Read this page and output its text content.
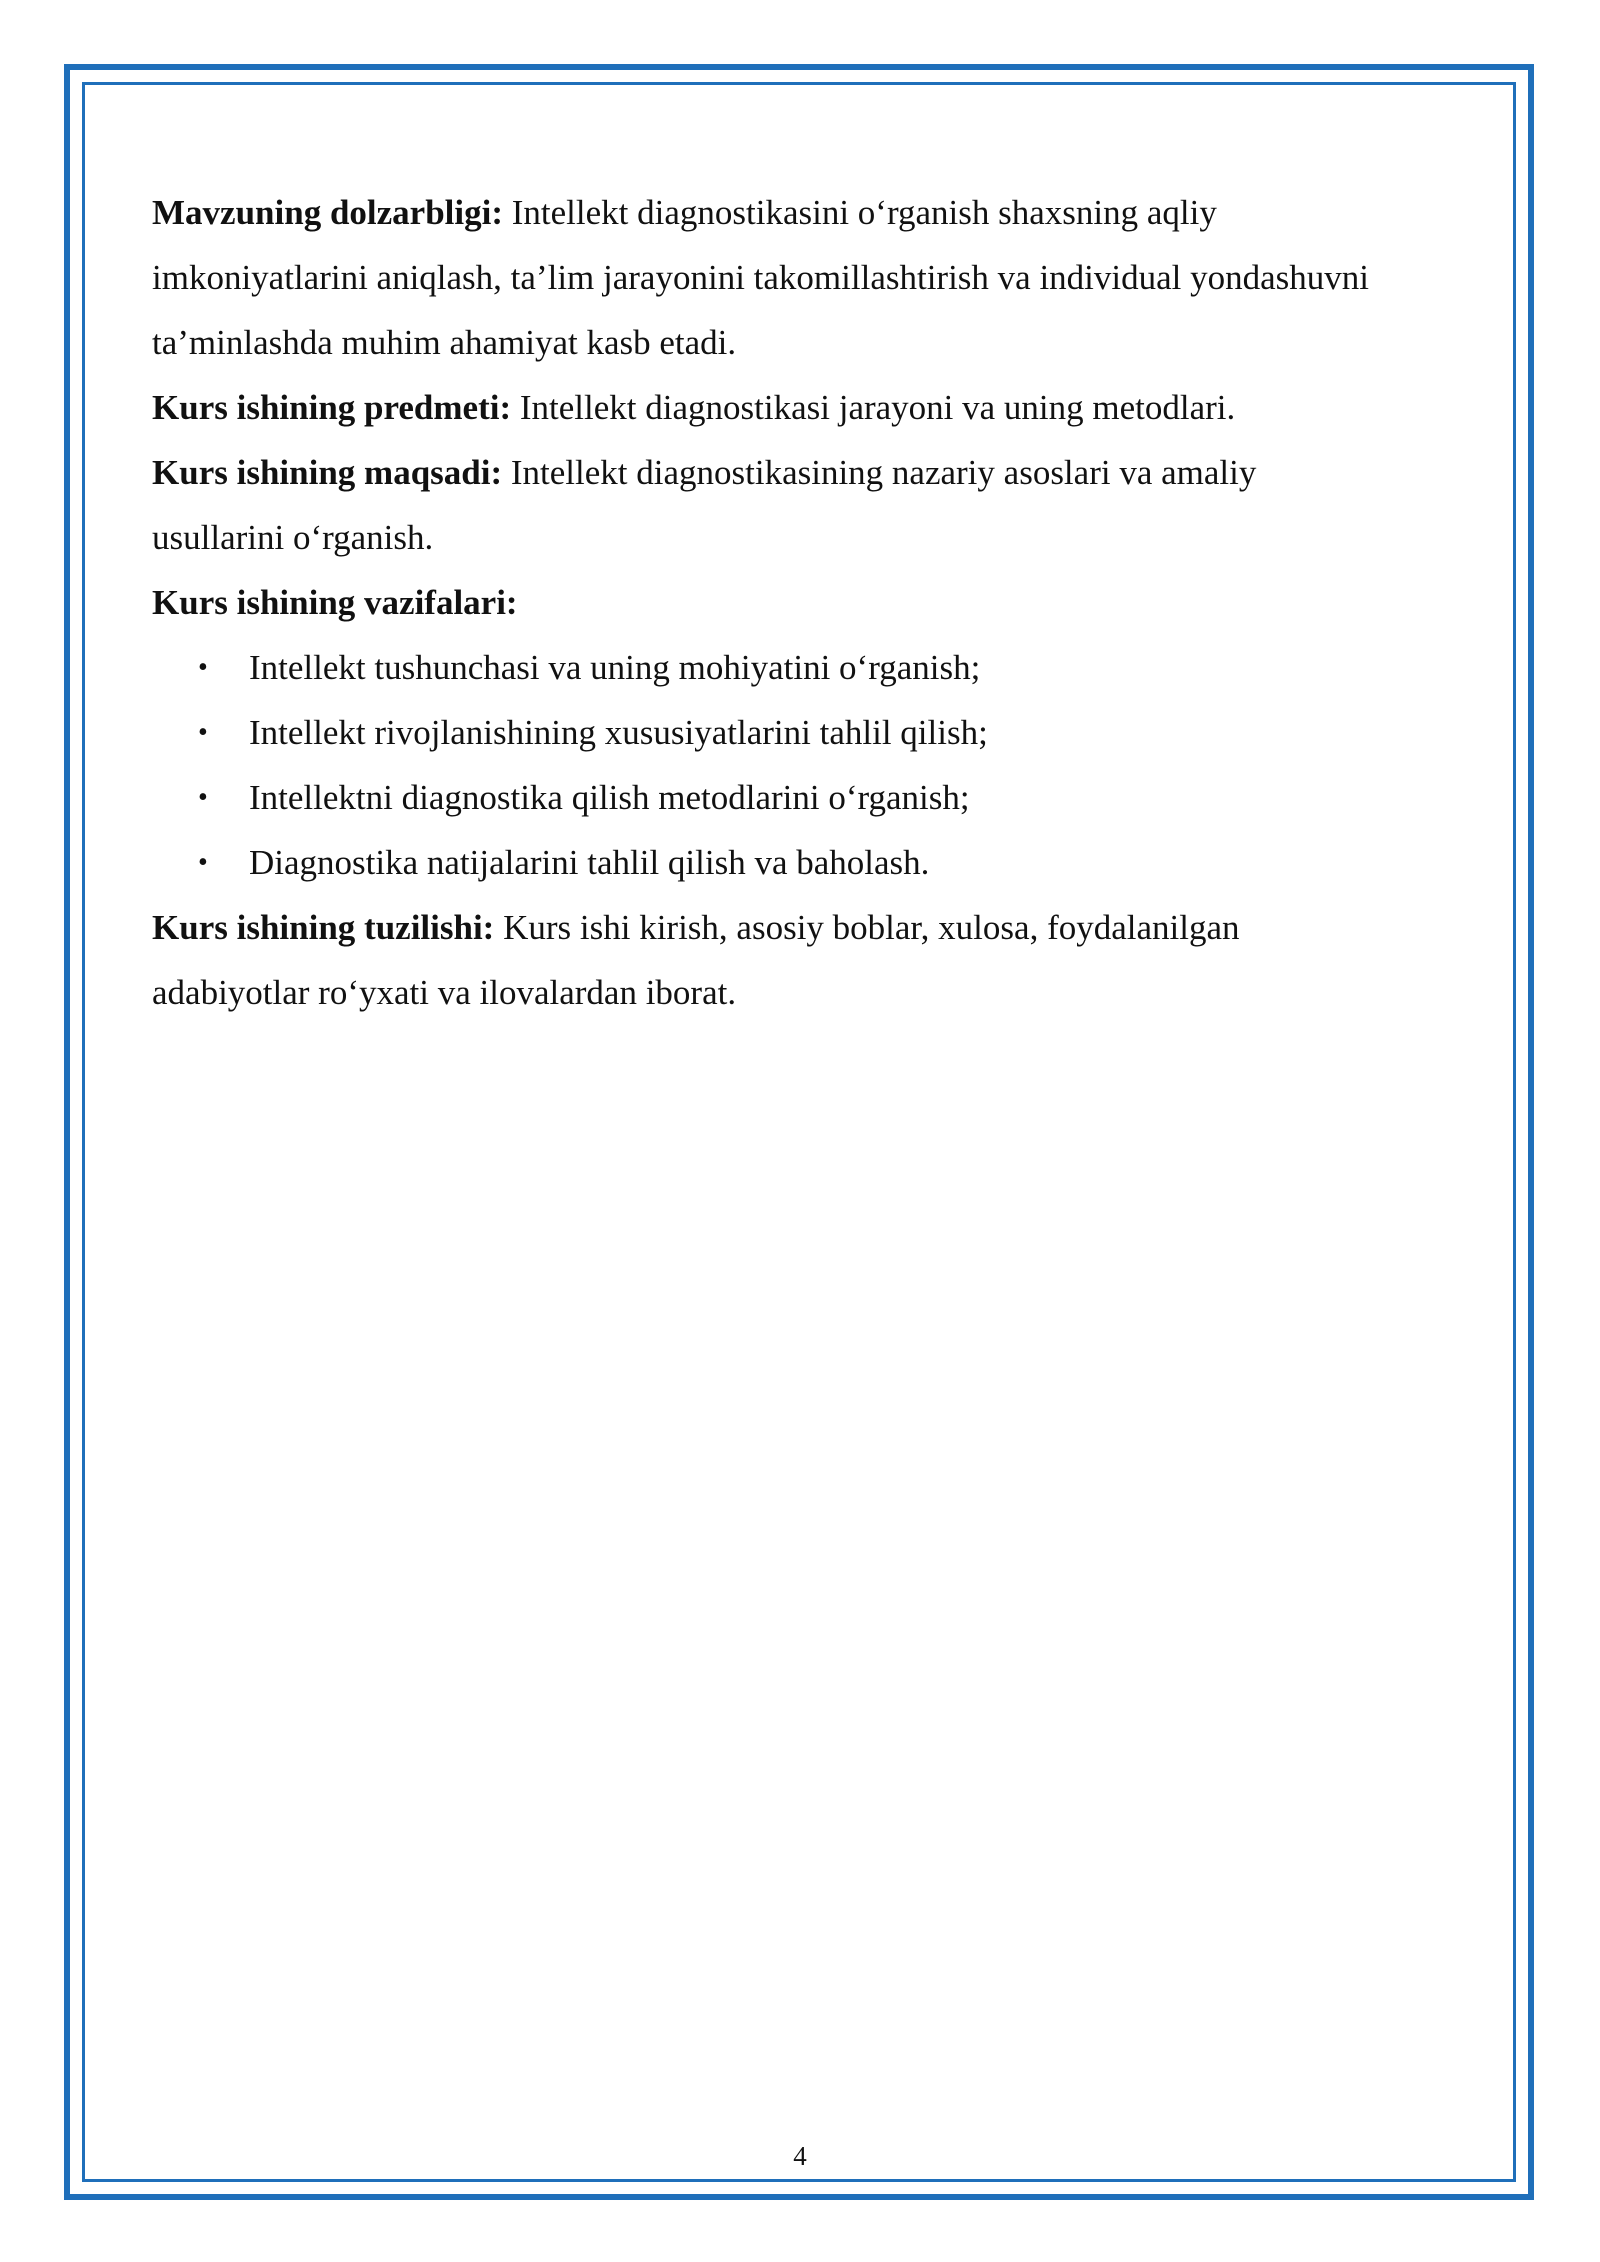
Mavzuning dolzarbligi: Intellekt diagnostikasini o‘rganish shaxsning aqliy imkoniyatlarini aniqlash, ta’lim jarayonini takomillashtirish va individual yondashuvni ta’minlashda muhim ahamiyat kasb etadi.

Kurs ishining predmeti: Intellekt diagnostikasi jarayoni va uning metodlari.

Kurs ishining maqsadi: Intellekt diagnostikasining nazariy asoslari va amaliy usullarini o‘rganish.

Kurs ishining vazifalari:

• Intellekt tushunchasi va uning mohiyatini o‘rganish;
• Intellekt rivojlanishining xususiyatlarini tahlil qilish;
• Intellektni diagnostika qilish metodlarini o‘rganish;
• Diagnostika natijalarini tahlil qilish va baholash.

Kurs ishining tuzilishi: Kurs ishi kirish, asosiy boblar, xulosa, foydalanilgan adabiyotlar ro‘yxati va ilovalardan iborat.

4
